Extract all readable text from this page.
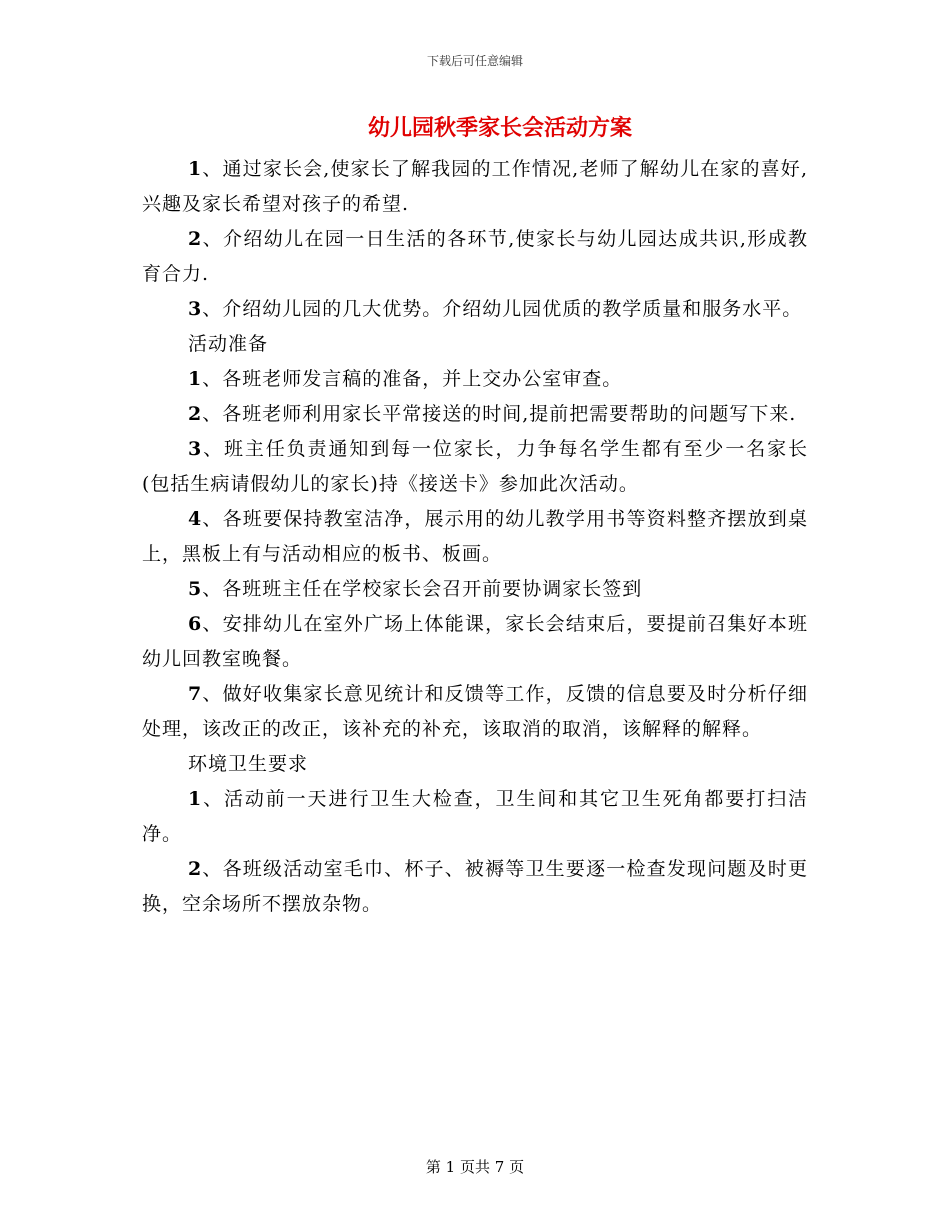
下载后可任意编辑
幼儿园秋季家长会活动方案

1、通过家长会,使家长了解我园的工作情况,老师了解幼儿在家的喜好,兴趣及家长希望对孩子的希望.

2、介绍幼儿在园一日生活的各环节,使家长与幼儿园达成共识,形成教育合力.

3、介绍幼儿园的几大优势。介绍幼儿园优质的教学质量和服务水平。

活动准备

1、各班老师发言稿的准备，并上交办公室审查。

2、各班老师利用家长平常接送的时间,提前把需要帮助的问题写下来.

3、班主任负责通知到每一位家长，力争每名学生都有至少一名家长(包括生病请假幼儿的家长)持《接送卡》参加此次活动。

4、各班要保持教室洁净，展示用的幼儿教学用书等资料整齐摆放到桌上，黑板上有与活动相应的板书、板画。

5、各班班主任在学校家长会召开前要协调家长签到

6、安排幼儿在室外广场上体能课，家长会结束后，要提前召集好本班幼儿回教室晚餐。

7、做好收集家长意见统计和反馈等工作，反馈的信息要及时分析仔细处理，该改正的改正，该补充的补充，该取消的取消，该解释的解释。

环境卫生要求

1、活动前一天进行卫生大检查，卫生间和其它卫生死角都要打扫洁净。

2、各班级活动室毛巾、杯子、被褥等卫生要逐一检查发现问题及时更换，空余场所不摆放杂物。

第 1 页共 7 页
